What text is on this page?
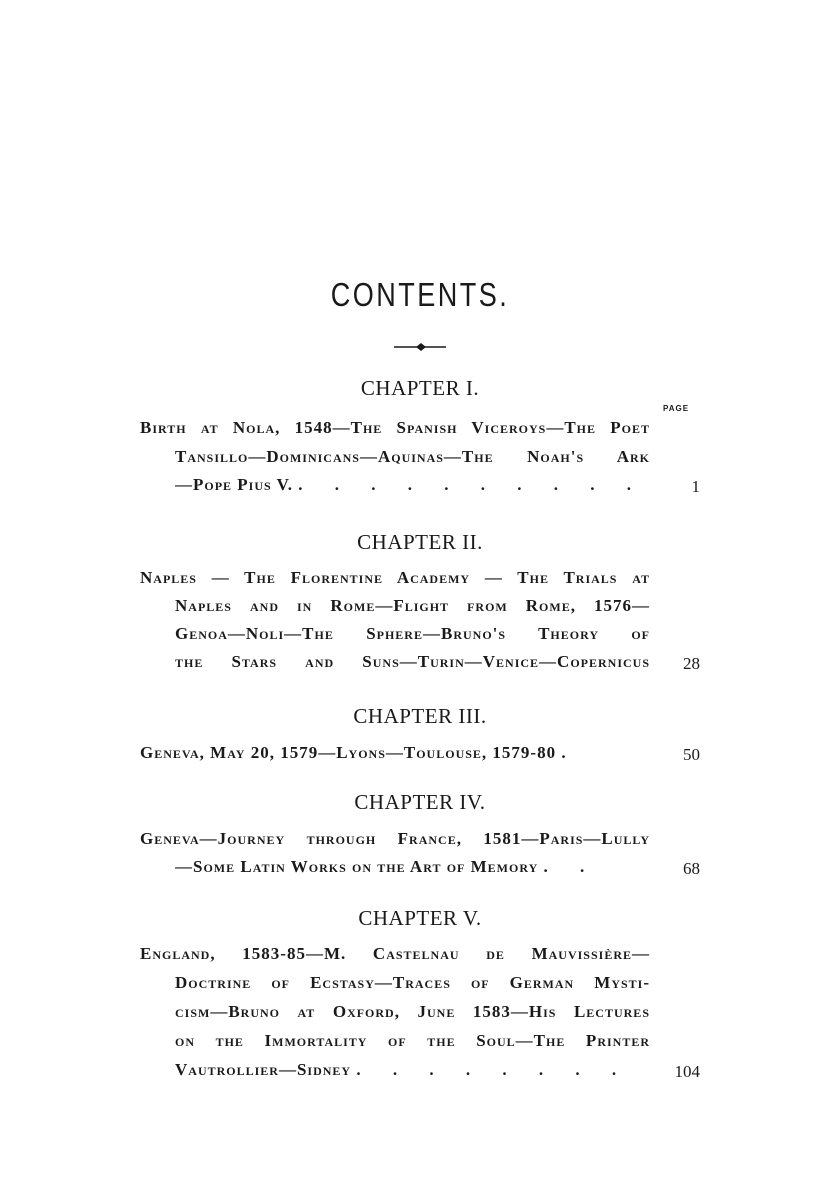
CONTENTS.
PAGE
CHAPTER I.
Birth at Nola, 1548—The Spanish Viceroys—The Poet
Tansillo—Dominicans—Aquinas—The Noah's Ark
—Pope Pius V. . . . . . . . . . .	1
CHAPTER II.
Naples — The Florentine Academy — The Trials at
Naples and in Rome—Flight from Rome, 1576—
Genoa—Noli—The Sphere—Bruno's Theory of
the Stars and Suns—Turin—Venice—Copernicus	28
CHAPTER III.
Geneva, May 20, 1579—Lyons—Toulouse, 1579-80 .	50
CHAPTER IV.
Geneva—Journey through France, 1581—Paris—Lully
—Some Latin Works on the Art of Memory . .	68
CHAPTER V.
England, 1583-85—M. Castelnau de Mauvissière—
Doctrine of Ecstasy—Traces of German Mysti-
cism—Bruno at Oxford, June 1583—His Lectures
on the Immortality of the Soul—The Printer
Vautrollier—Sidney . . . . . . . .	104
